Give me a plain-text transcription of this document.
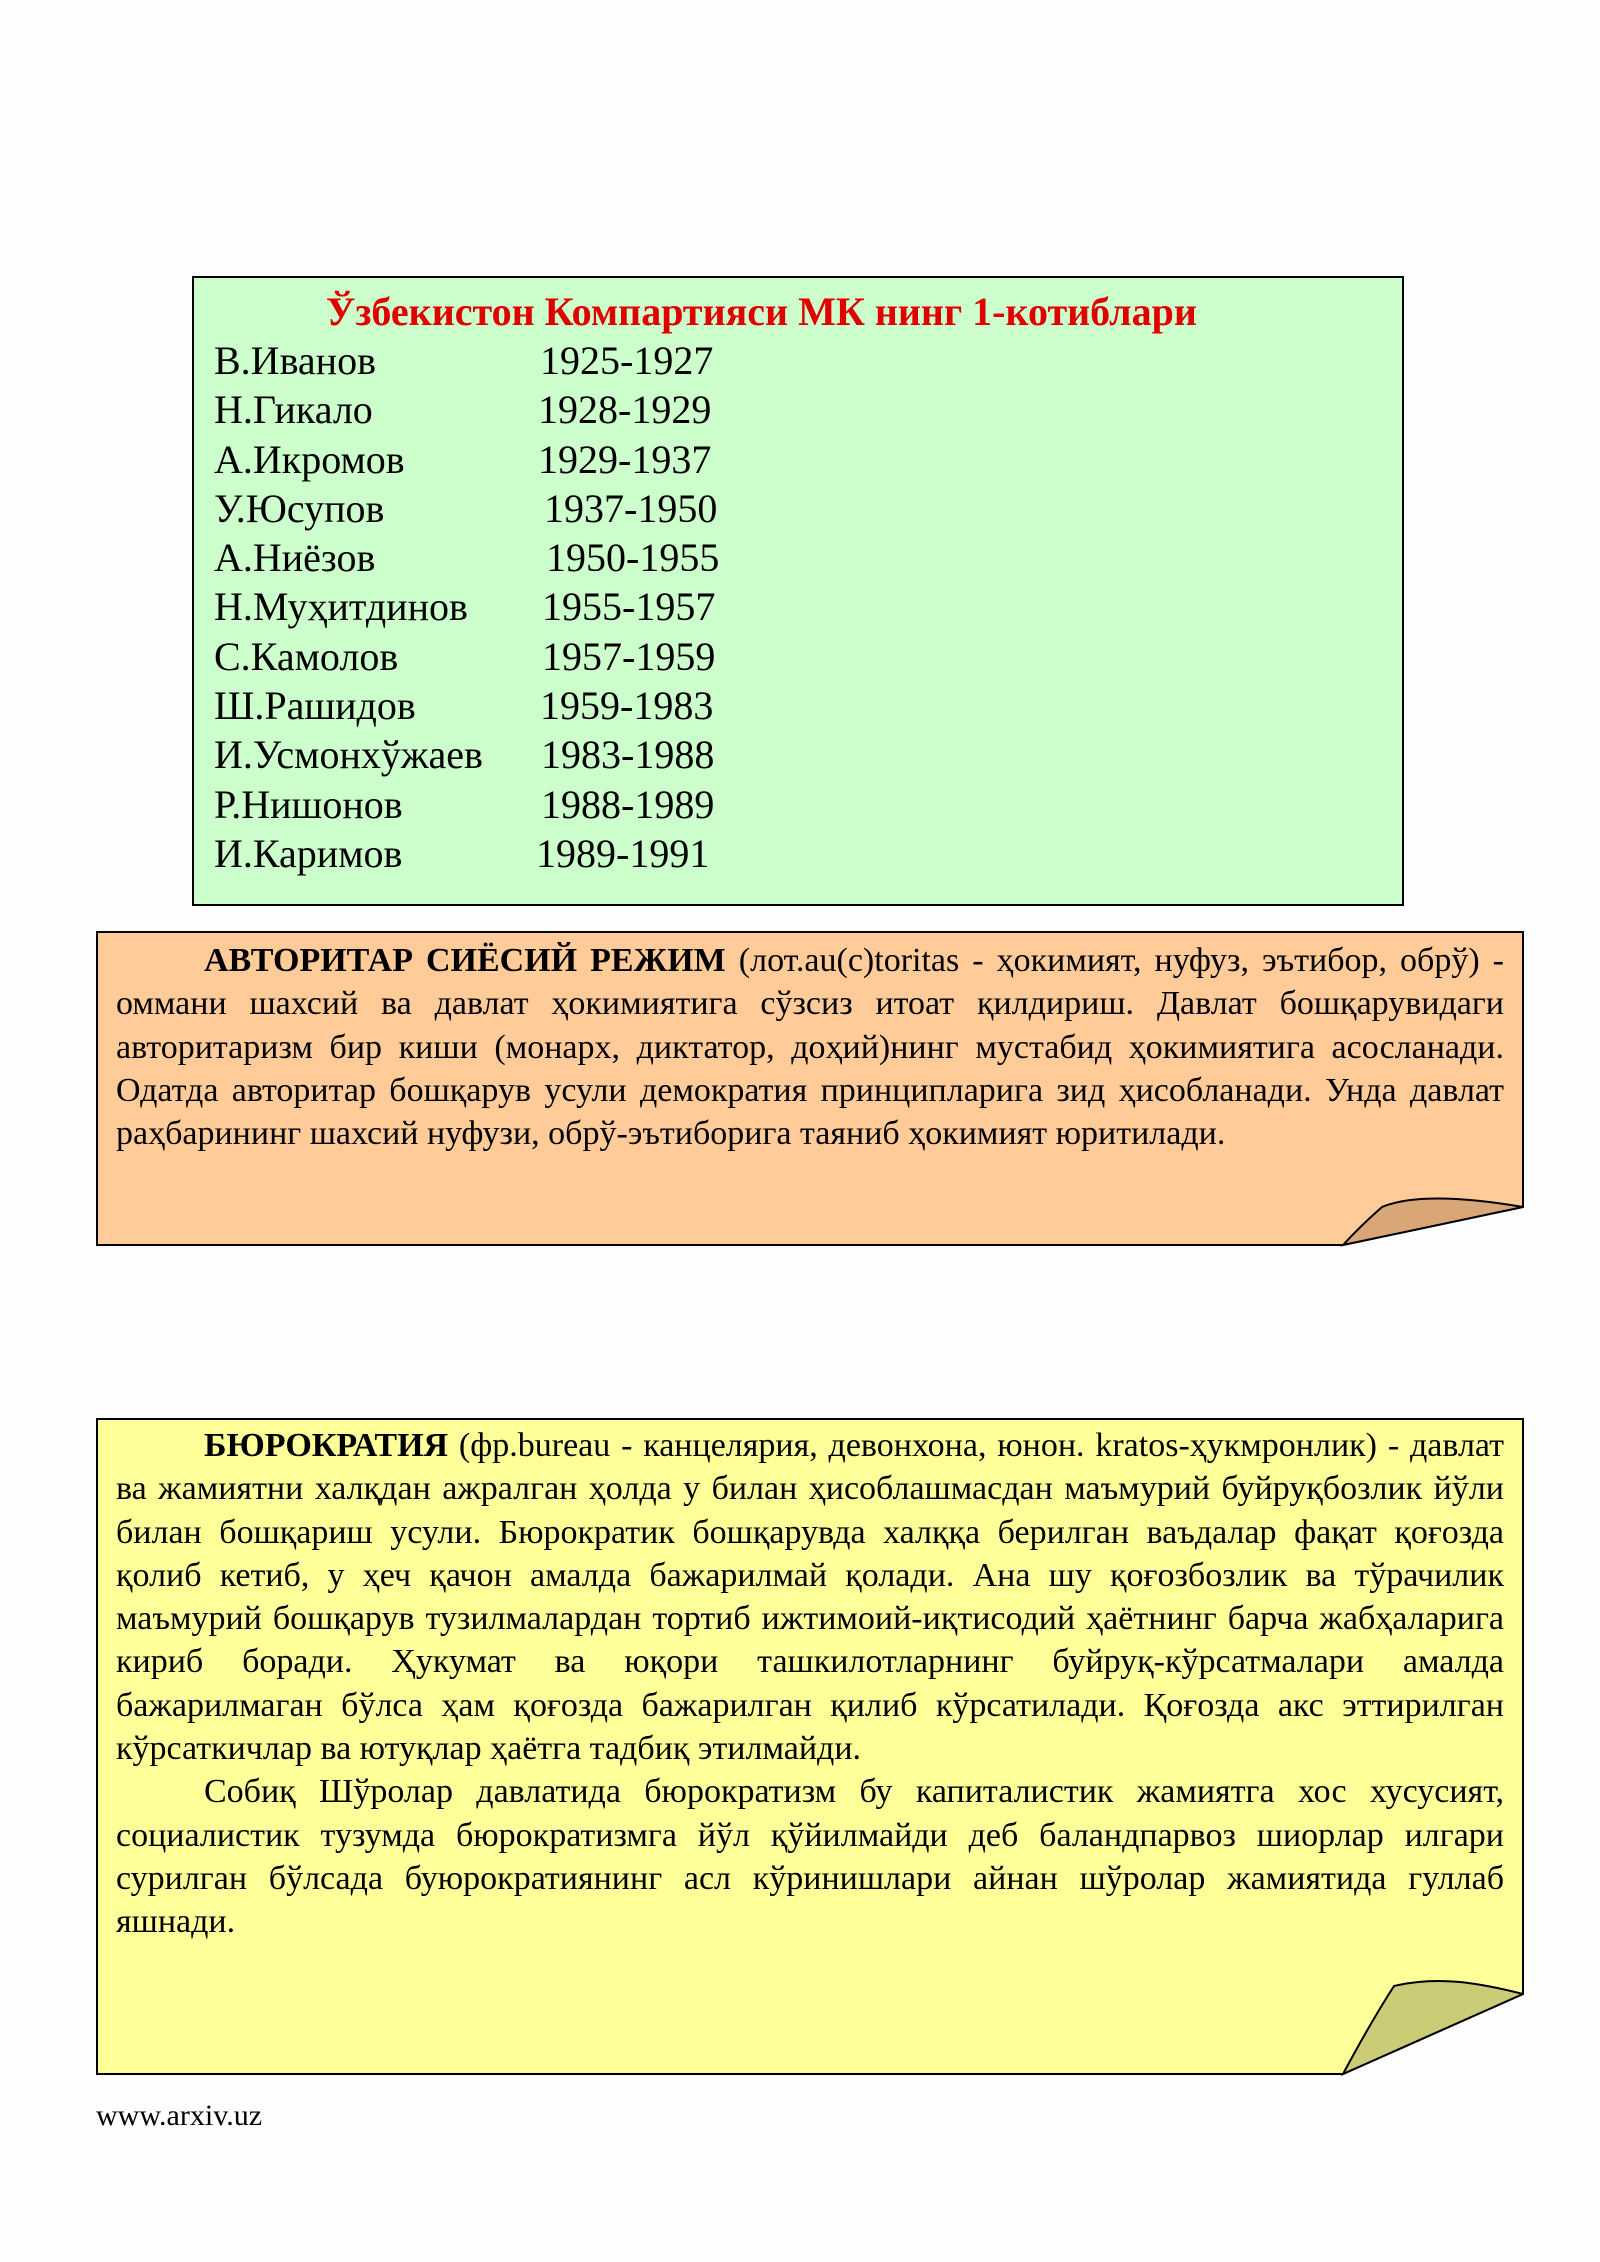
Ўзбекистон Компартияси МК нинг 1-котиблари
В.Иванов	1925-1927
Н.Гикало	1928-1929
А.Икромов	1929-1937
У.Юсупов	1937-1950
А.Ниёзов	1950-1955
Н.Муҳитдинов	1955-1957
С.Камолов	1957-1959
Ш.Рашидов	1959-1983
И.Усмонхўжаев	1983-1988
Р.Нишонов	1988-1989
И.Каримов	1989-1991

АВТОРИТАР СИЁСИЙ РЕЖИМ (лот.au(c)toritas - ҳокимият, нуфуз, эътибор, обрў) - оммани шахсий ва давлат ҳокимиятига сўзсиз итоат қилдириш. Давлат бошқарувидаги авторитаризм бир киши (монарх, диктатор, доҳий)нинг мустабид ҳокимиятига асосланади. Одатда авторитар бошқарув усули демократия принципларига зид ҳисобланади. Унда давлат раҳбарининг шахсий нуфузи, обрў-эътиборига таяниб ҳокимият юритилади.

БЮРОКРАТИЯ (фр.bureau - канцелярия, девонхона, юнон. kratos-ҳукмронлик) - давлат ва жамиятни халқдан ажралган ҳолда у билан ҳисоблашмасдан маъмурий буйруқбозлик йўли билан бошқариш усули. Бюрократик бошқарувда халққа берилган ваъдалар фақат қоғозда қолиб кетиб, у ҳеч қачон амалда бажарилмай қолади. Ана шу қоғозбозлик ва тўрачилик маъмурий бошқарув тузилмалардан тортиб ижтимоий-иқтисодий ҳаётнинг барча жабҳаларига кириб боради. Ҳукумат ва юқори ташкилотларнинг буйруқ-кўрсатмалари амалда бажарилмаган бўлса ҳам қоғозда бажарилган қилиб кўрсатилади. Қоғозда акс эттирилган кўрсаткичлар ва ютуқлар ҳаётга тадбиқ этилмайди.

Собиқ Шўролар давлатида бюрократизм бу капиталистик жамиятга хос хусусият, социалистик тузумда бюрократизмга йўл қўйилмайди деб баландпарвоз шиорлар илгари сурилган бўлсада буюрократиянинг асл кўринишлари айнан шўролар жамиятида гуллаб яшнади.

www.arxiv.uz
